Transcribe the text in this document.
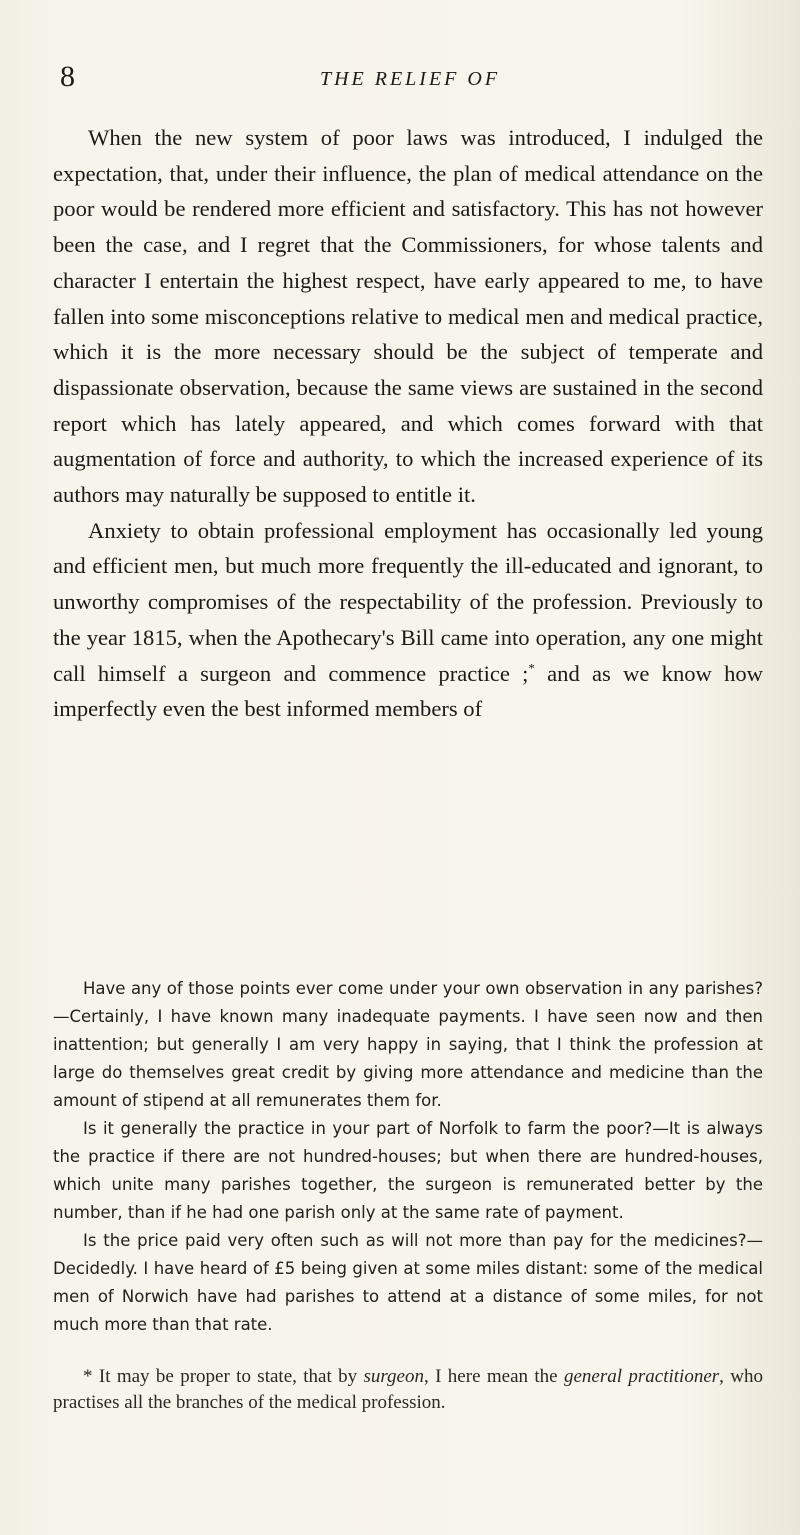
8	THE RELIEF OF

When the new system of poor laws was introduced, I indulged the expectation, that, under their influence, the plan of medical attendance on the poor would be rendered more efficient and satisfactory. This has not however been the case, and I regret that the Commissioners, for whose talents and character I entertain the highest respect, have early appeared to me, to have fallen into some misconceptions relative to medical men and medical practice, which it is the more necessary should be the subject of temperate and dispassionate observation, because the same views are sustained in the second report which has lately appeared, and which comes forward with that augmentation of force and authority, to which the increased experience of its authors may naturally be supposed to entitle it.

Anxiety to obtain professional employment has occasionally led young and efficient men, but much more frequently the ill-educated and ignorant, to unworthy compromises of the respectability of the profession. Previously to the year 1815, when the Apothecary's Bill came into operation, any one might call himself a surgeon and commence practice ;* and as we know how imperfectly even the best informed members of

Have any of those points ever come under your own observation in any parishes?—Certainly, I have known many inadequate payments. I have seen now and then inattention; but generally I am very happy in saying, that I think the profession at large do themselves great credit by giving more attendance and medicine than the amount of stipend at all remunerates them for.

Is it generally the practice in your part of Norfolk to farm the poor?—It is always the practice if there are not hundred-houses; but when there are hundred-houses, which unite many parishes together, the surgeon is remunerated better by the number, than if he had one parish only at the same rate of payment.

Is the price paid very often such as will not more than pay for the medicines?—Decidedly. I have heard of £5 being given at some miles distant: some of the medical men of Norwich have had parishes to attend at a distance of some miles, for not much more than that rate.

* It may be proper to state, that by surgeon, I here mean the general practitioner, who practises all the branches of the medical profession.
